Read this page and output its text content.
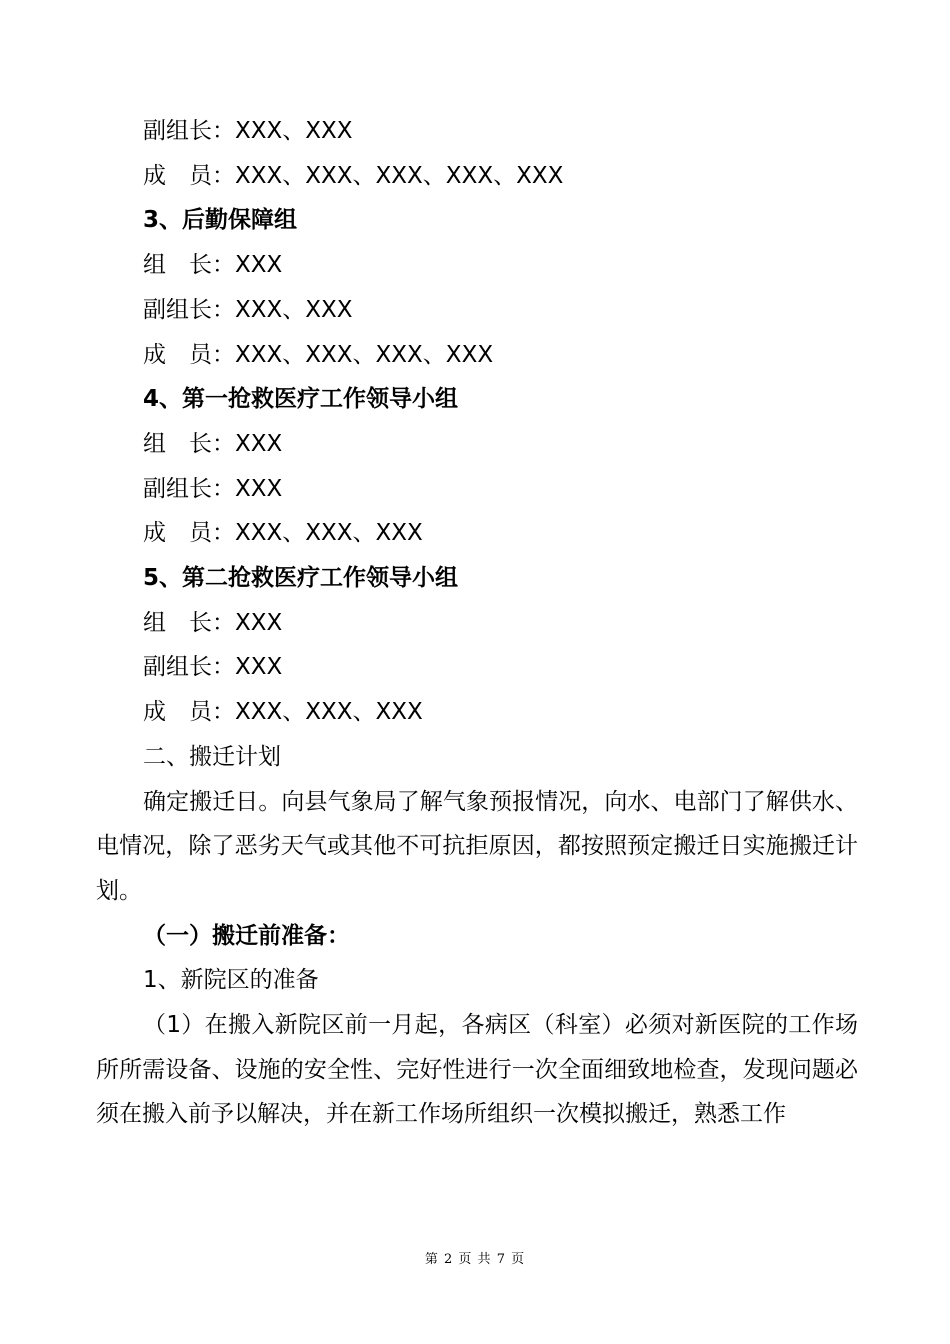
副组长：XXX、XXX
成　员：XXX、XXX、XXX、XXX、XXX
3、后勤保障组
组　长：XXX
副组长：XXX、XXX
成　员：XXX、XXX、XXX、XXX
4、第一抢救医疗工作领导小组
组　长：XXX
副组长：XXX
成　员：XXX、XXX、XXX
5、第二抢救医疗工作领导小组
组　长：XXX
副组长：XXX
成　员：XXX、XXX、XXX
二、搬迁计划
确定搬迁日。向县气象局了解气象预报情况，向水、电部门了解供水、电情况，除了恶劣天气或其他不可抗拒原因，都按照预定搬迁日实施搬迁计划。
（一）搬迁前准备：
1、新院区的准备
（1）在搬入新院区前一月起，各病区（科室）必须对新医院的工作场所所需设备、设施的安全性、完好性进行一次全面细致地检查，发现问题必须在搬入前予以解决，并在新工作场所组织一次模拟搬迁，熟悉工作
第 2 页 共 7 页
